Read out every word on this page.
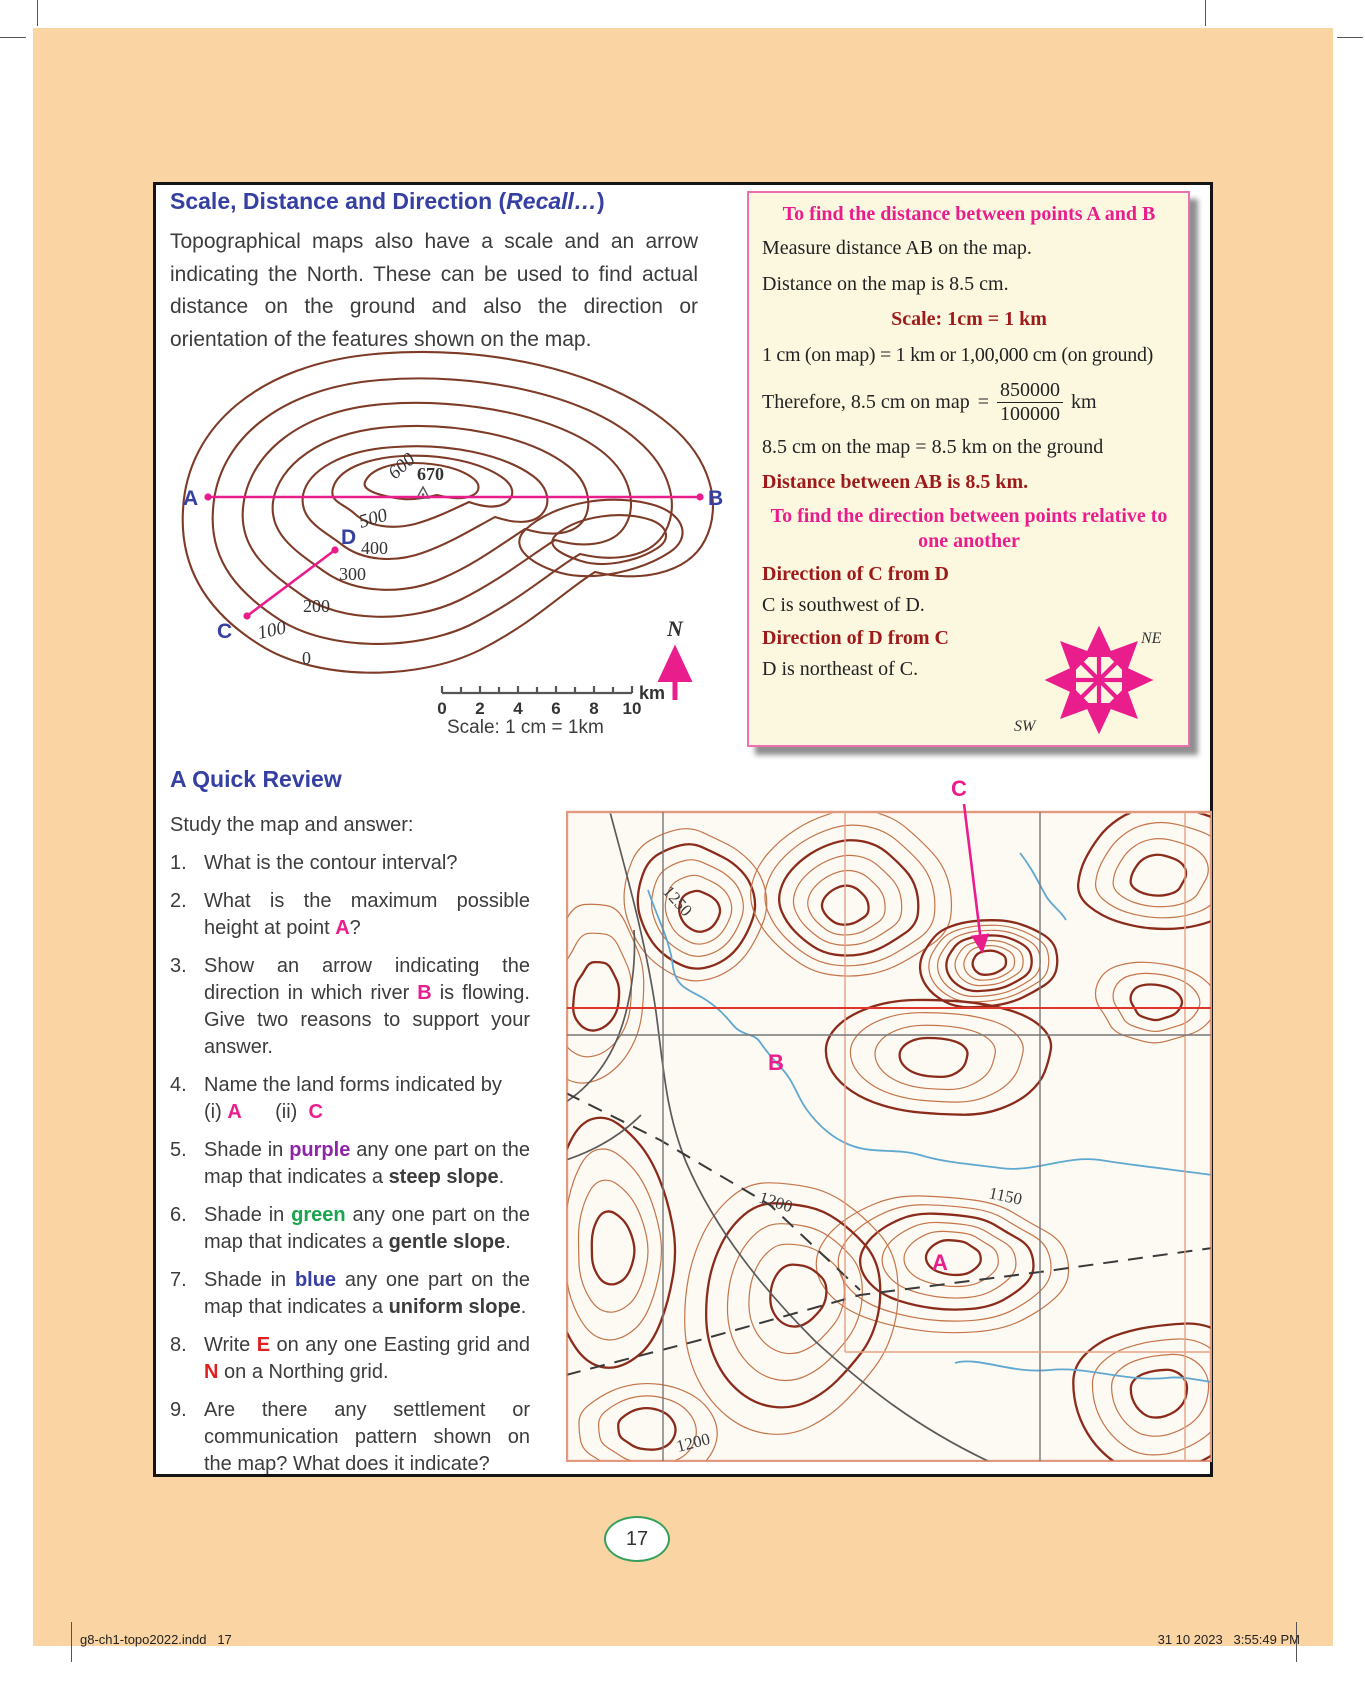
Scale, Distance and Direction (Recall…)
Topographical maps also have a scale and an arrow indicating the North. These can be used to find actual distance on the ground and also the direction or orientation of the features shown on the map.
600
670
500
400
300
200
100
0
A	B
D
C	N
0 2 4 6 8 10
km
Scale: 1 cm = 1km
To find the distance between points A and B
Measure distance AB on the map.
Distance on the map is 8.5 cm.
Scale: 1cm = 1 km
1 cm (on map) = 1 km or 1,00,000 cm (on ground)
Therefore, 8.5 cm on map = $\frac{850000}{100000}$ km
8.5 cm on the map = 8.5 km on the ground
Distance between AB is 8.5 km.
To find the direction between points relative to one another
Direction of C from D
C is southwest of D.
Direction of D from C
D is northeast of C.
NE
SW
A Quick Review
Study the map and answer:
1. What is the contour interval?
2. What is the maximum possible height at point A?
3. Show an arrow indicating the direction in which river B is flowing. Give two reasons to support your answer.
4. Name the land forms indicated by
(i) A      (ii)  C
5. Shade in purple any one part on the map that indicates a steep slope.
6. Shade in green any one part on the map that indicates a gentle slope.
7. Shade in blue any one part on the map that indicates a uniform slope.
8. Write E on any one Easting grid and N on a Northing grid.
9. Are there any settlement or communication pattern shown on the map? What does it indicate?
1250
1200	1150
1200
A
B
C
17
g8-ch1-topo2022.indd   17	31 10 2023   3:55:49 PM
